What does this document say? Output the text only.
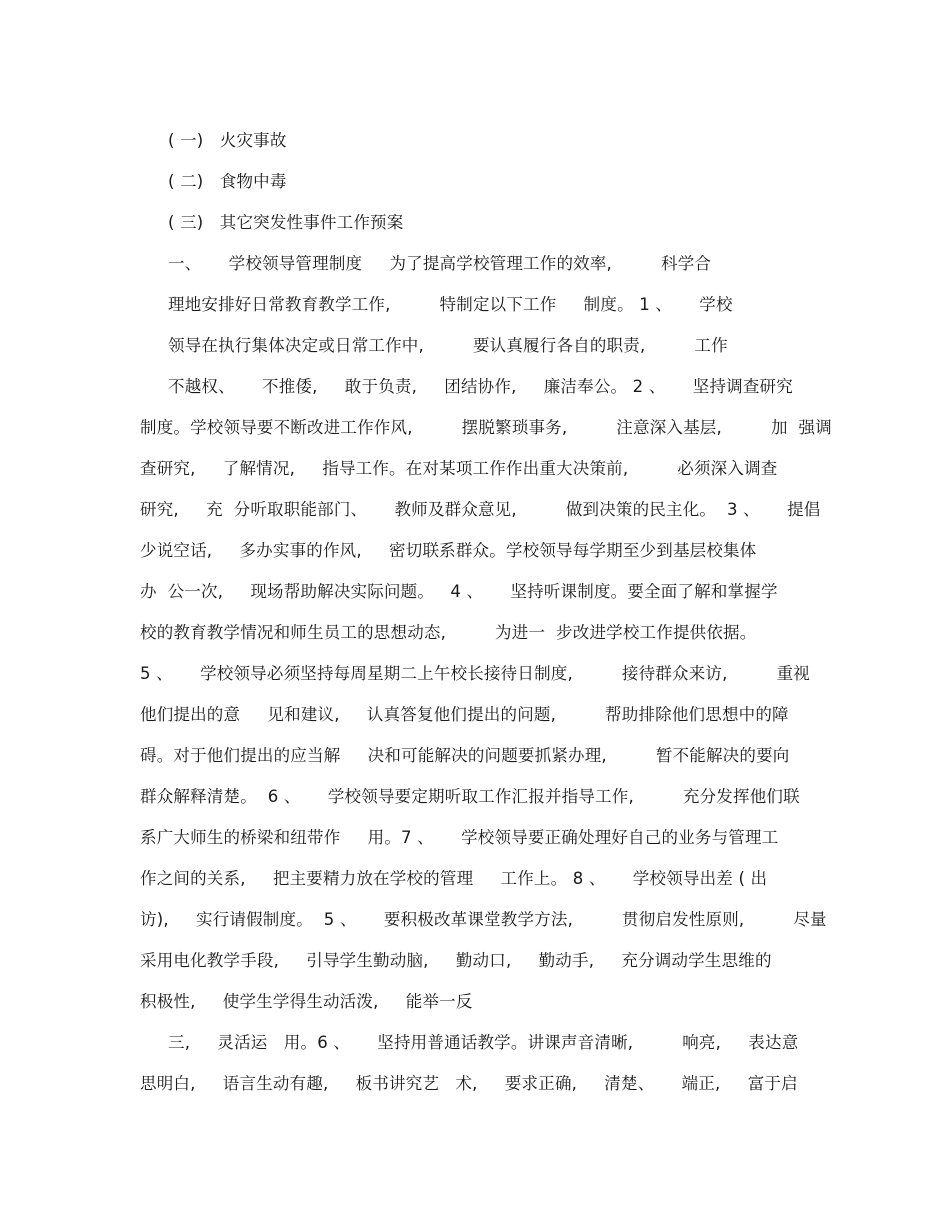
( 一)   火灾事故
( 二)   食物中毒
( 三)   其它突发性事件工作预案
一、     学校领导管理制度     为了提高学校管理工作的效率,         科学合
理地安排好日常教育教学工作,         特制定以下工作     制度。 1 、     学校
领导在执行集体决定或日常工作中,         要认真履行各自的职责,         工作
不越权、     不推倭,     敢于负责,     团结协作,     廉洁奉公。 2 、     坚持调查研究
制度。学校领导要不断改进工作作风,         摆脱繁琐事务,         注意深入基层,         加  强调
查研究,     了解情况,     指导工作。在对某项工作作出重大决策前,         必须深入调查
研究,     充  分听取职能部门、     教师及群众意见,         做到决策的民主化。  3 、     提倡
少说空话,     多办实事的作风,     密切联系群众。学校领导每学期至少到基层校集体
办  公一次,     现场帮助解决实际问题。   4 、     坚持听课制度。要全面了解和掌握学
校的教育教学情况和师生员工的思想动态,         为进一  步改进学校工作提供依据。
5 、     学校领导必须坚持每周星期二上午校长接待日制度,         接待群众来访,         重视
他们提出的意     见和建议,     认真答复他们提出的问题,         帮助排除他们思想中的障
碍。对于他们提出的应当解     决和可能解决的问题要抓紧办理,         暂不能解决的要向
群众解释清楚。  6 、     学校领导要定期听取工作汇报并指导工作,         充分发挥他们联
系广大师生的桥梁和纽带作     用。7 、     学校领导要正确处理好自己的业务与管理工
作之间的关系,     把主要精力放在学校的管理     工作上。 8 、     学校领导出差 ( 出
访),     实行请假制度。  5 、     要积极改革课堂教学方法,         贯彻启发性原则,         尽量
采用电化教学手段,     引导学生勤动脑,     勤动口,     勤动手,     充分调动学生思维的
积极性,     使学生学得生动活泼,     能举一反
三,     灵活运   用。6 、     坚持用普通话教学。讲课声音清晰,         响亮,     表达意
思明白,     语言生动有趣,     板书讲究艺   术,     要求正确,     清楚、     端正,     富于启
